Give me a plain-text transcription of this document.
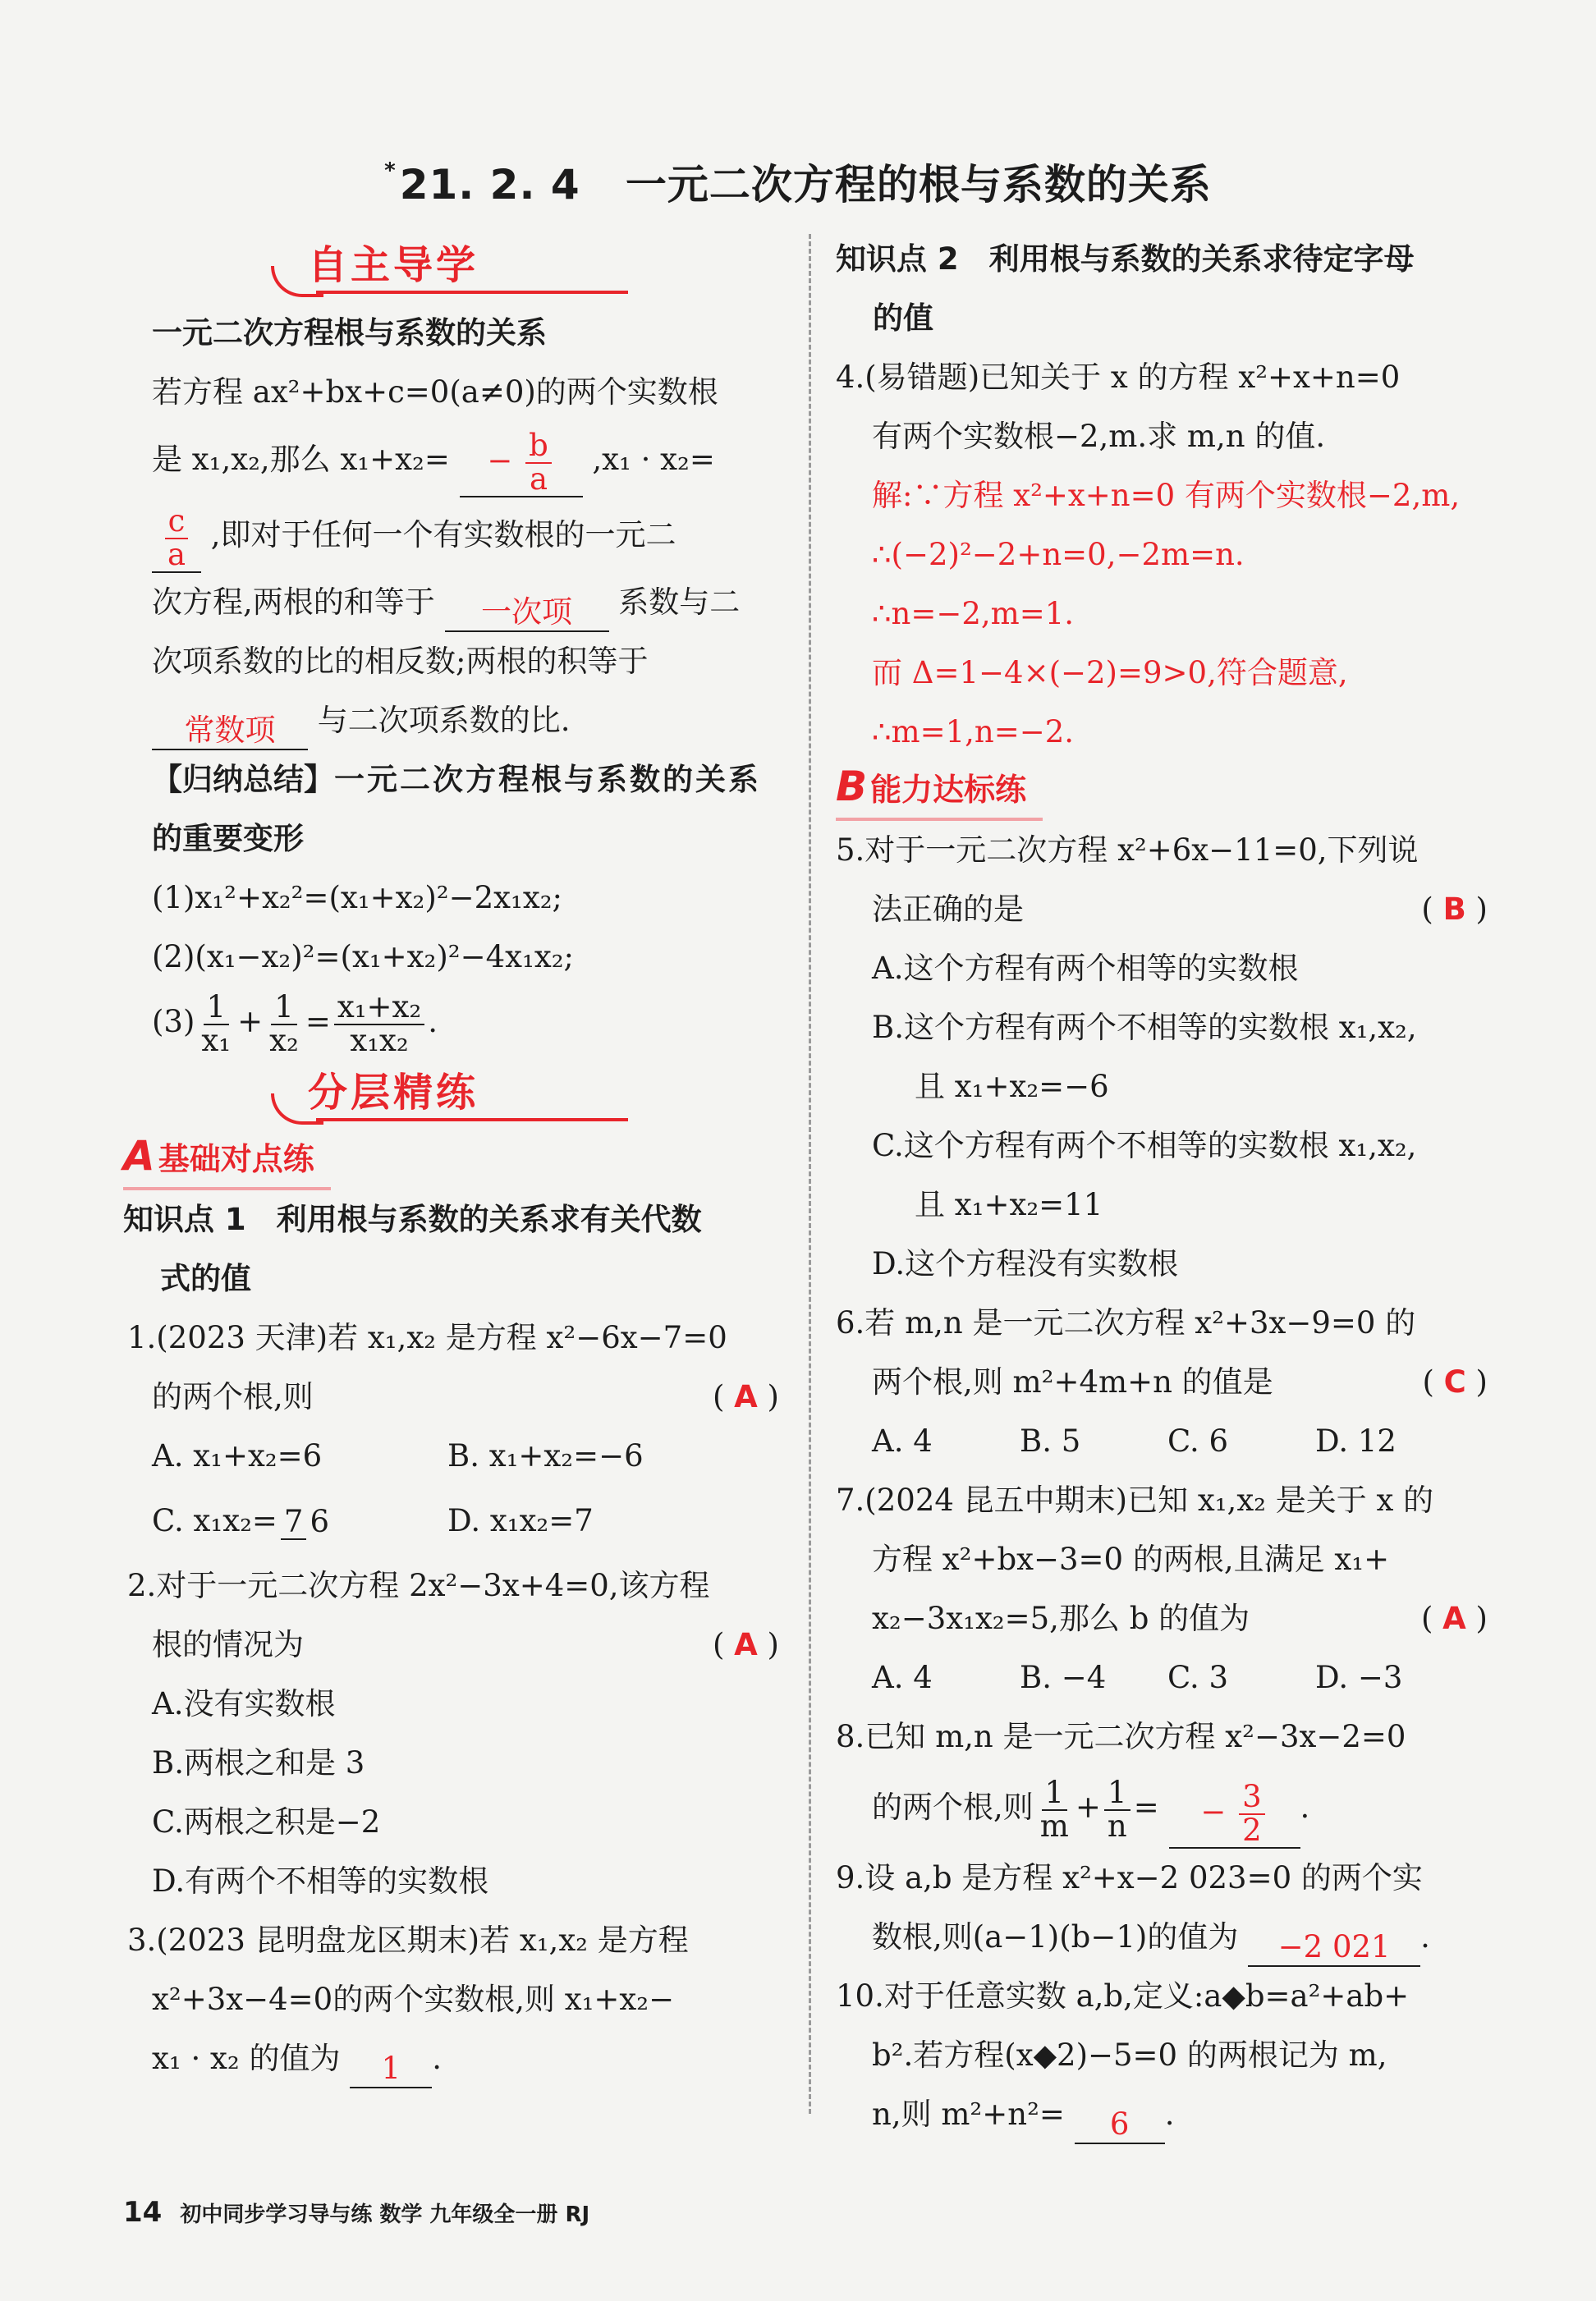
*21. 2. 4 一元二次方程的根与系数的关系
自主导学
一元二次方程根与系数的关系
若方程 ax²+bx+c=0(a≠0)的两个实数根
是 x₁,x₂,那么 $x_1+x_2= - \frac{b}{a} ,x_1 \cdot x_2=$
$\frac{c}{a}$ ,即对于任何一个有实数根的一元二
次方程,两根的和等于 一次项 系数与二
次项系数的比的相反数;两根的积等于
常数项 与二次项系数的比.
【归纳总结】一元二次方程根与系数的关系
的重要变形
(1)x₁²+x₂²=(x₁+x₂)²−2x₁x₂;
(2)(x₁−x₂)²=(x₁+x₂)²−4x₁x₂;
$(3) \frac{1}{\text{x₁}} + \frac{1}{\text{x₂}} = \frac{\text{x₁+x₂}}{\text{x₁x₂}}$ .
分层精练
A 基础对点练
知识点 1　利用根与系数的关系求有关代数
式的值
1.(2023 天津)若 x₁,x₂ 是方程 x²−6x−7=0
的两个根,则	( A )
A. x₁+x₂=6	B. x₁+x₂=−6
C. x₁x₂= 7 6	D. x₁x₂=7
2.对于一元二次方程 2x²−3x+4=0,该方程
根的情况为	( A )
A.没有实数根
B.两根之和是 3
C.两根之积是−2
D.有两个不相等的实数根
3.(2023 昆明盘龙区期末)若 x₁,x₂ 是方程
x²+3x−4=0的两个实数根,则 x₁+x₂−
x₁ · x₂ 的值为 1 .
知识点 2　利用根与系数的关系求待定字母
的值
4.(易错题)已知关于 x 的方程 x²+x+n=0
有两个实数根−2,m.求 m,n 的值.
解:∵方程 x²+x+n=0 有两个实数根−2,m,
∴(−2)²−2+n=0,−2m=n.
∴n=−2,m=1.
而 Δ=1−4×(−2)=9>0,符合题意,
∴m=1,n=−2.
B 能力达标练
5.对于一元二次方程 x²+6x−11=0,下列说
法正确的是	( B )
A.这个方程有两个相等的实数根
B.这个方程有两个不相等的实数根 x₁,x₂,
且 x₁+x₂=−6
C.这个方程有两个不相等的实数根 x₁,x₂,
且 x₁+x₂=11
D.这个方程没有实数根
6.若 m,n 是一元二次方程 x²+3x−9=0 的
两个根,则 m²+4m+n 的值是	( C )
A. 4	B. 5	C. 6	D. 12
7.(2024 昆五中期末)已知 x₁,x₂ 是关于 x 的
方程 x²+bx−3=0 的两根,且满足 x₁+
x₂−3x₁x₂=5,那么 b 的值为	( A )
A. 4	B. −4	C. 3	D. −3
8.已知 m,n 是一元二次方程 x²−3x−2=0
的两个根,则 $\frac{1}{m} + \frac{1}{n}$ = − $\frac{3}{2}$ .
9.设 a,b 是方程 x²+x−2 023=0 的两个实
数根,则(a−1)(b−1)的值为 −2 021 .
10.对于任意实数 a,b,定义:a◆b=a²+ab+
b².若方程(x◆2)−5=0 的两根记为 m,
n,则 m²+n²= 6 .
14 初中同步学习导与练 数学 九年级全一册 RJ
